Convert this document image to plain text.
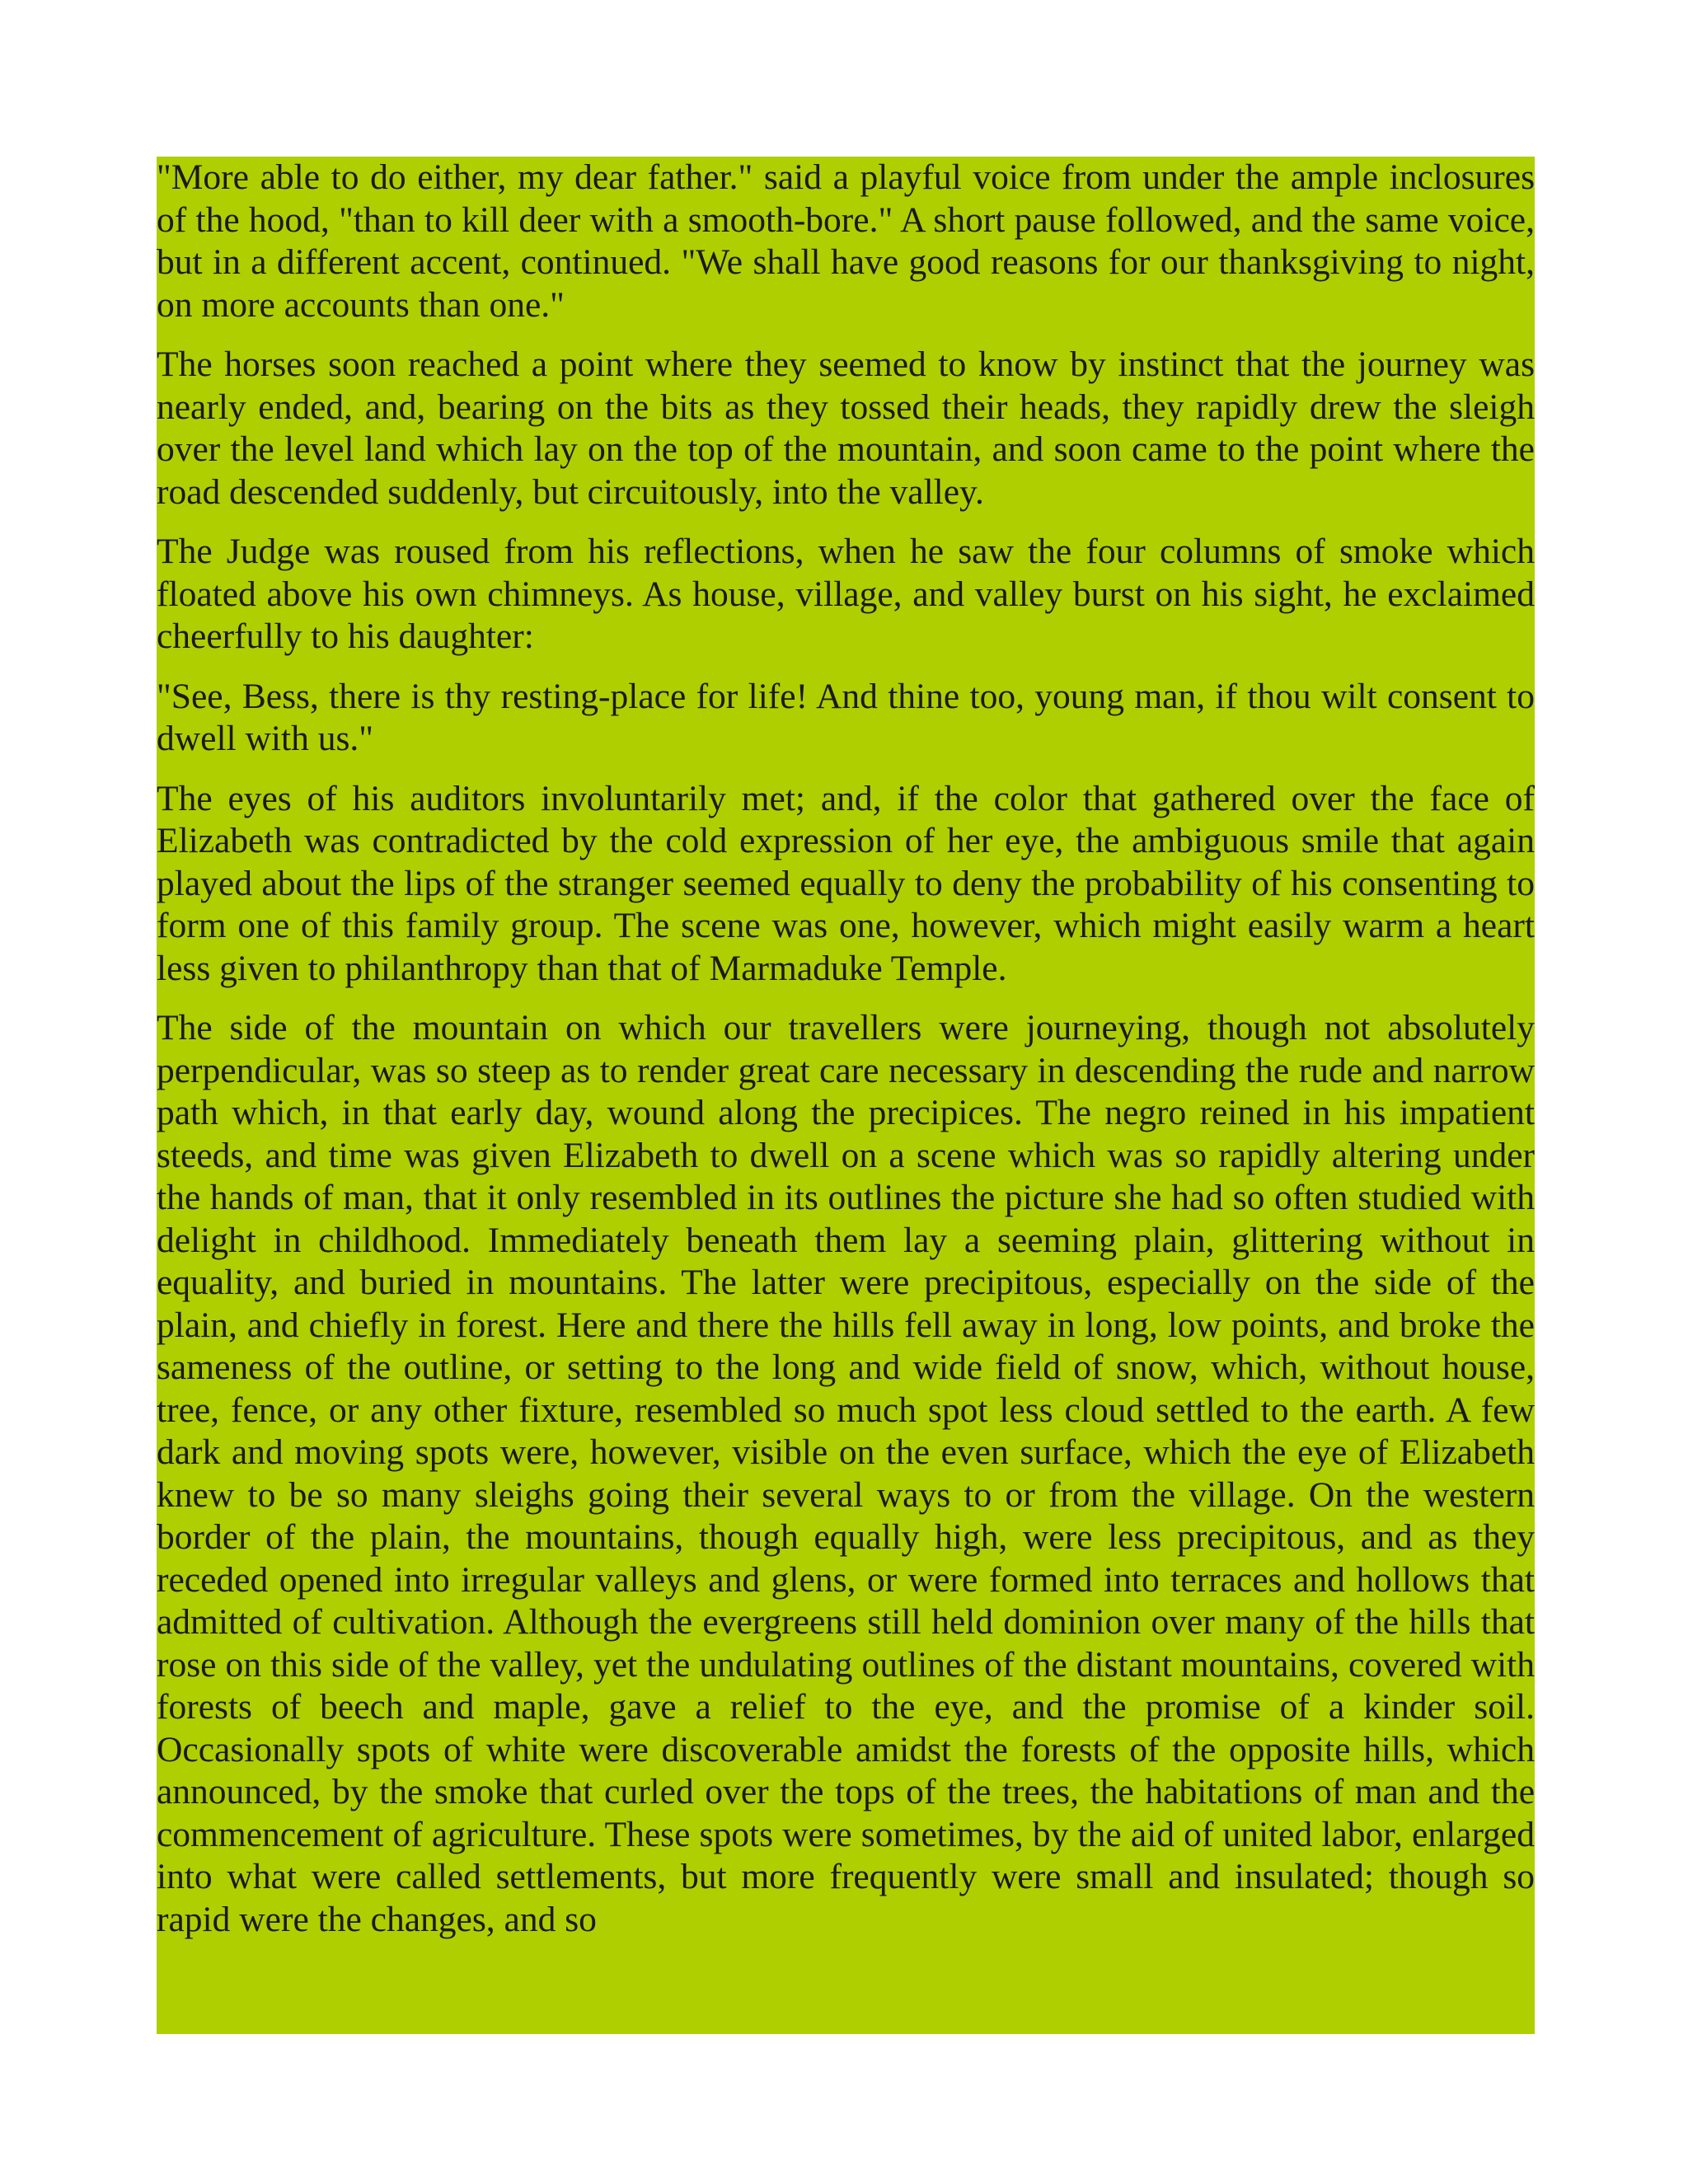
"More able to do either, my dear father." said a playful voice from under the ample inclosures of the hood, "than to kill deer with a smooth-bore." A short pause followed, and the same voice, but in a different accent, continued. "We shall have good reasons for our thanksgiving to night, on more accounts than one."

The horses soon reached a point where they seemed to know by instinct that the journey was nearly ended, and, bearing on the bits as they tossed their heads, they rapidly drew the sleigh over the level land which lay on the top of the mountain, and soon came to the point where the road descended suddenly, but circuitously, into the valley.

The Judge was roused from his reflections, when he saw the four columns of smoke which floated above his own chimneys. As house, village, and valley burst on his sight, he exclaimed cheerfully to his daughter:

"See, Bess, there is thy resting-place for life! And thine too, young man, if thou wilt consent to dwell with us."

The eyes of his auditors involuntarily met; and, if the color that gathered over the face of Elizabeth was contradicted by the cold expression of her eye, the ambiguous smile that again played about the lips of the stranger seemed equally to deny the probability of his consenting to form one of this family group. The scene was one, however, which might easily warm a heart less given to philanthropy than that of Marmaduke Temple.

The side of the mountain on which our travellers were journeying, though not absolutely perpendicular, was so steep as to render great care necessary in descending the rude and narrow path which, in that early day, wound along the precipices. The negro reined in his impatient steeds, and time was given Elizabeth to dwell on a scene which was so rapidly altering under the hands of man, that it only resembled in its outlines the picture she had so often studied with delight in childhood. Immediately beneath them lay a seeming plain, glittering without in equality, and buried in mountains. The latter were precipitous, especially on the side of the plain, and chiefly in forest. Here and there the hills fell away in long, low points, and broke the sameness of the outline, or setting to the long and wide field of snow, which, without house, tree, fence, or any other fixture, resembled so much spot less cloud settled to the earth. A few dark and moving spots were, however, visible on the even surface, which the eye of Elizabeth knew to be so many sleighs going their several ways to or from the village. On the western border of the plain, the mountains, though equally high, were less precipitous, and as they receded opened into irregular valleys and glens, or were formed into terraces and hollows that admitted of cultivation. Although the evergreens still held dominion over many of the hills that rose on this side of the valley, yet the undulating outlines of the distant mountains, covered with forests of beech and maple, gave a relief to the eye, and the promise of a kinder soil. Occasionally spots of white were discoverable amidst the forests of the opposite hills, which announced, by the smoke that curled over the tops of the trees, the habitations of man and the commencement of agriculture. These spots were sometimes, by the aid of united labor, enlarged into what were called settlements, but more frequently were small and insulated; though so rapid were the changes, and so
